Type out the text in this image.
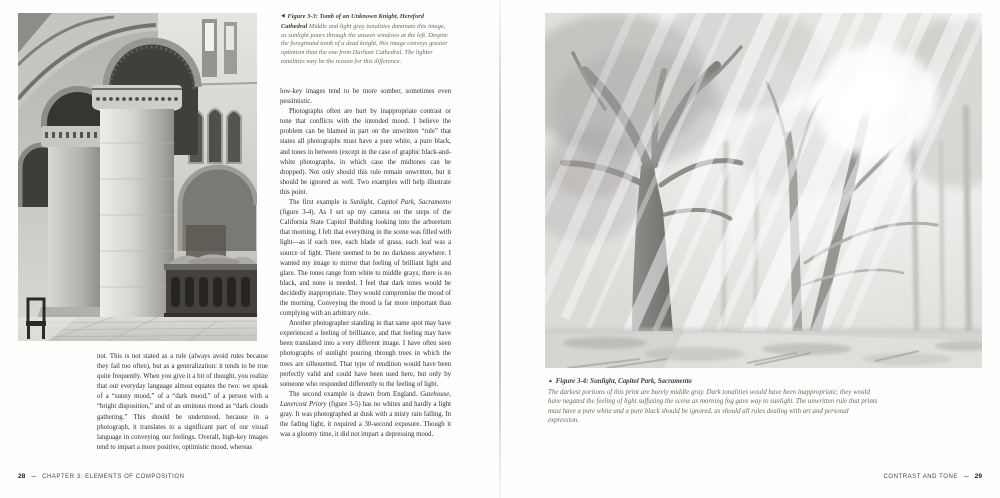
◀ Figure 3-3: Tomb of an Unknown Knight, Hereford Cathedral Middle and light gray tonalities dominate this image, as sunlight pours through the unseen windows at the left. Despite the foreground tomb of a dead knight, this image conveys greater optimism than the one from Durham Cathedral. The lighter tonalities may be the reason for this difference.

low-key images tend to be more somber, sometimes even pessimistic.

Photographs often are hurt by inappropriate contrast or tone that conflicts with the intended mood. I believe the problem can be blamed in part on the unwritten “rule” that states all photographs must have a pure white, a pure black, and tones in between (except in the case of graphic black-and-white photographs, in which case the midtones can be dropped). Not only should this rule remain unwritten, but it should be ignored as well. Two examples will help illustrate this point.

The first example is Sunlight, Capitol Park, Sacramento (figure 3-4). As I set up my camera on the steps of the California State Capitol Building looking into the arboretum that morning, I felt that everything in the scene was filled with light—as if each tree, each blade of grass, each leaf was a source of light. There seemed to be no darkness anywhere. I wanted my image to mirror that feeling of brilliant light and glare. The tones range from white to middle grays; there is no black, and none is needed. I feel that dark tones would be decidedly inappropriate. They would compromise the mood of the morning. Conveying the mood is far more important than complying with an arbitrary rule.

Another photographer standing in that same spot may have experienced a feeling of brilliance, and that feeling may have been translated into a very different image. I have often seen photographs of sunlight pouring through trees in which the trees are silhouetted. That type of rendition would have been perfectly valid and could have been used here, but only by someone who responded differently to the feeling of light.

The second example is drawn from England. Gatehouse, Lanercost Priory (figure 3-5) has no whites and hardly a light gray. It was photographed at dusk with a misty rain falling. In the fading light, it required a 30-second exposure. Though it was a gloomy time, it did not impart a depressing mood.

not. This is not stated as a rule (always avoid rules because they fail too often), but as a generalization: it tends to be true quite frequently. When you give it a bit of thought, you realize that our everyday language almost equates the two: we speak of a “sunny mood,” of a “dark mood,” of a person with a “bright disposition,” and of an ominous mood as “dark clouds gathering.” This should be understood, because in a photograph, it translates to a significant part of our visual language in conveying our feelings. Overall, high-key images tend to impart a more positive, optimistic mood, whereas
28 ∼ CHAPTER 3: ELEMENTS OF COMPOSITION
▲ Figure 3-4: Sunlight, Capitol Park, Sacramento
The darkest portions of this print are barely middle gray. Dark tonalities would have been inappropriate; they would have negated the feeling of light suffusing the scene as morning fog gave way to sunlight. The unwritten rule that prints must have a pure white and a pure black should be ignored, as should all rules dealing with art and personal expression.
CONTRAST AND TONE ∼ 29
